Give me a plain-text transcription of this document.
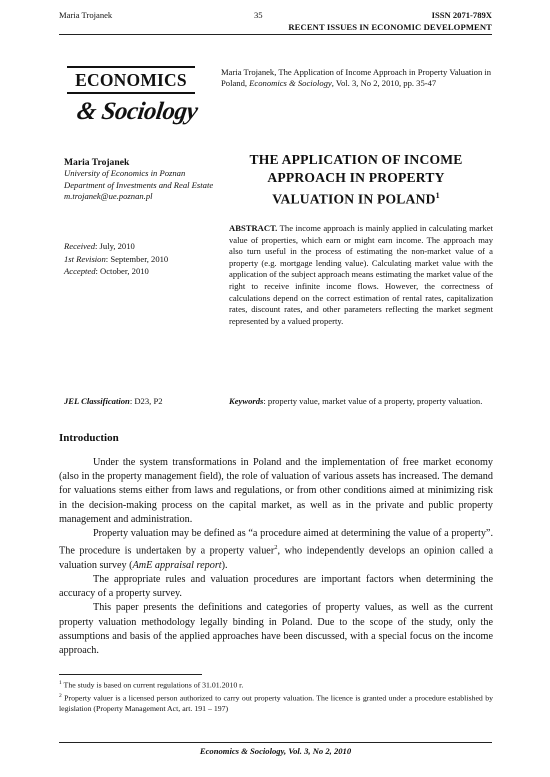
Maria Trojanek	35	ISSN 2071-789X
RECENT ISSUES IN ECONOMIC DEVELOPMENT
ECONOMICS
& Sociology
Maria Trojanek, The Application of Income Approach in Property Valuation in Poland, Economics & Sociology, Vol. 3, No 2, 2010, pp. 35-47
Maria Trojanek
University of Economics in Poznan
Department of Investments and Real Estate
m.trojanek@ue.poznan.pl
Received: July, 2010
1st Revision: September, 2010
Accepted: October, 2010
THE APPLICATION OF INCOME
APPROACH IN PROPERTY
VALUATION IN POLAND$^1$
ABSTRACT. The income approach is mainly applied in calculating market value of properties, which earn or might earn income. The approach may also turn useful in the process of estimating the non-market value of a property (e.g. mortgage lending value). Calculating market value with the application of the subject approach means estimating the market value of the right to receive infinite income flows. However, the correctness of calculations depend on the correct estimation of rental rates, capitalization rates, discount rates, and other parameters reflecting the market segment represented by a valued property.
JEL Classification: D23, P2	Keywords: property value, market value of a property, property valuation.
Introduction

Under the system transformations in Poland and the implementation of free market economy (also in the property management field), the role of valuation of various assets has increased. The demand for valuations stems either from laws and regulations, or from other conditions aimed at minimizing risk in the decision-making process on the capital market, as well as in the private and public property management and administration.

Property valuation may be defined as “a procedure aimed at determining the value of a property”. The procedure is undertaken by a property valuer$^2$, who independently develops an opinion called a valuation survey (AmE appraisal report).

The appropriate rules and valuation procedures are important factors when determining the accuracy of a property survey.

This paper presents the definitions and categories of property values, as well as the current property valuation methodology legally binding in Poland. Due to the scope of the study, only the assumptions and basis of the applied approaches have been discussed, with a special focus on the income approach.

$^1$ The study is based on current regulations of 31.01.2010 r.
$^2$ Property valuer is a licensed person authorized to carry out property valuation. The licence is granted under a procedure established by legislation (Property Management Act, art. 191 – 197)
Economics & Sociology, Vol. 3, No 2, 2010
